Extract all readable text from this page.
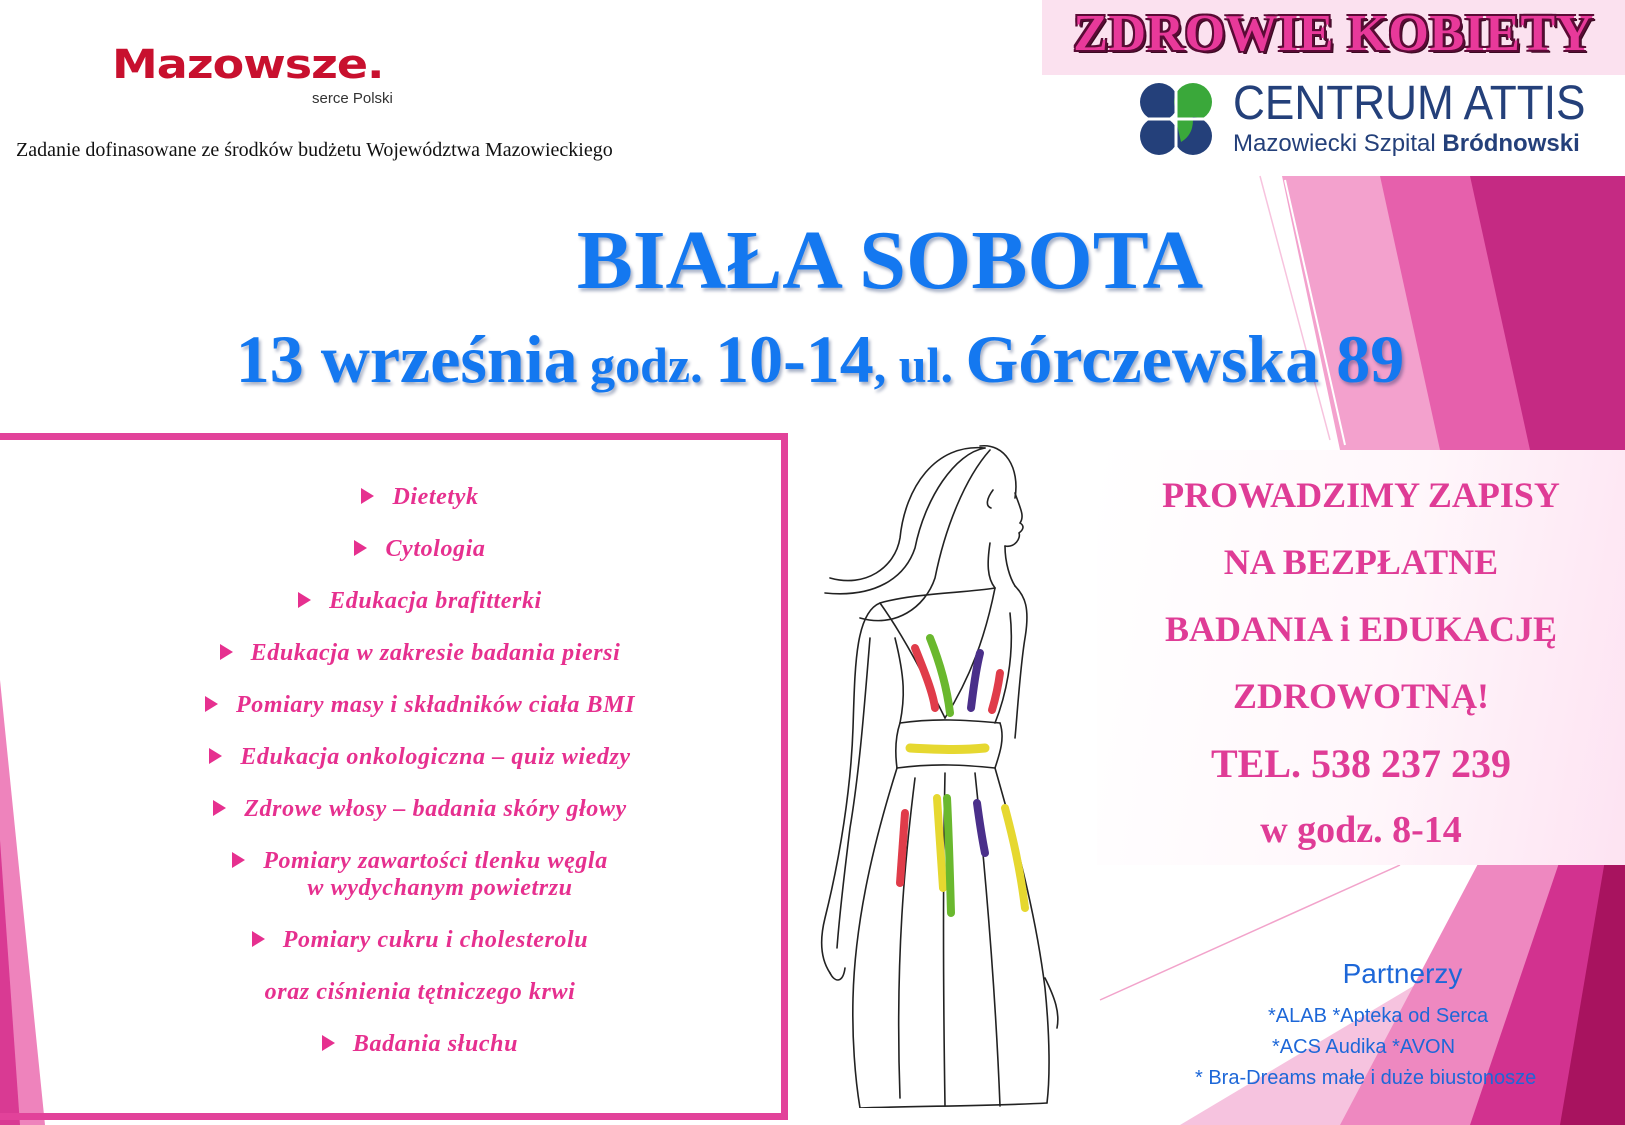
Mazowsze.
serce Polski
Zadanie dofinasowane ze środków budżetu Województwa Mazowieckiego
ZDROWIE KOBIETY
CENTRUM ATTIS
Mazowiecki Szpital Bródnowski
BIAŁA SOBOTA
13 września godz. 10-14, ul. Górczewska 89
Dietetyk
Cytologia
Edukacja brafitterki
Edukacja w zakresie badania piersi
Pomiary masy i składników ciała BMI
Edukacja onkologiczna – quiz wiedzy
Zdrowe włosy – badania skóry głowy
Pomiary zawartości tlenku węgla
w wydychanym powietrzu
Pomiary cukru i cholesterolu
oraz ciśnienia tętniczego krwi
Badania słuchu
PROWADZIMY ZAPISY
NA BEZPŁATNE
BADANIA i EDUKACJĘ
ZDROWOTNĄ!
TEL. 538 237 239
w godz. 8-14
Partnerzy
*ALAB *Apteka od Serca
*ACS Audika *AVON
* Bra-Dreams małe i duże biustonosze
